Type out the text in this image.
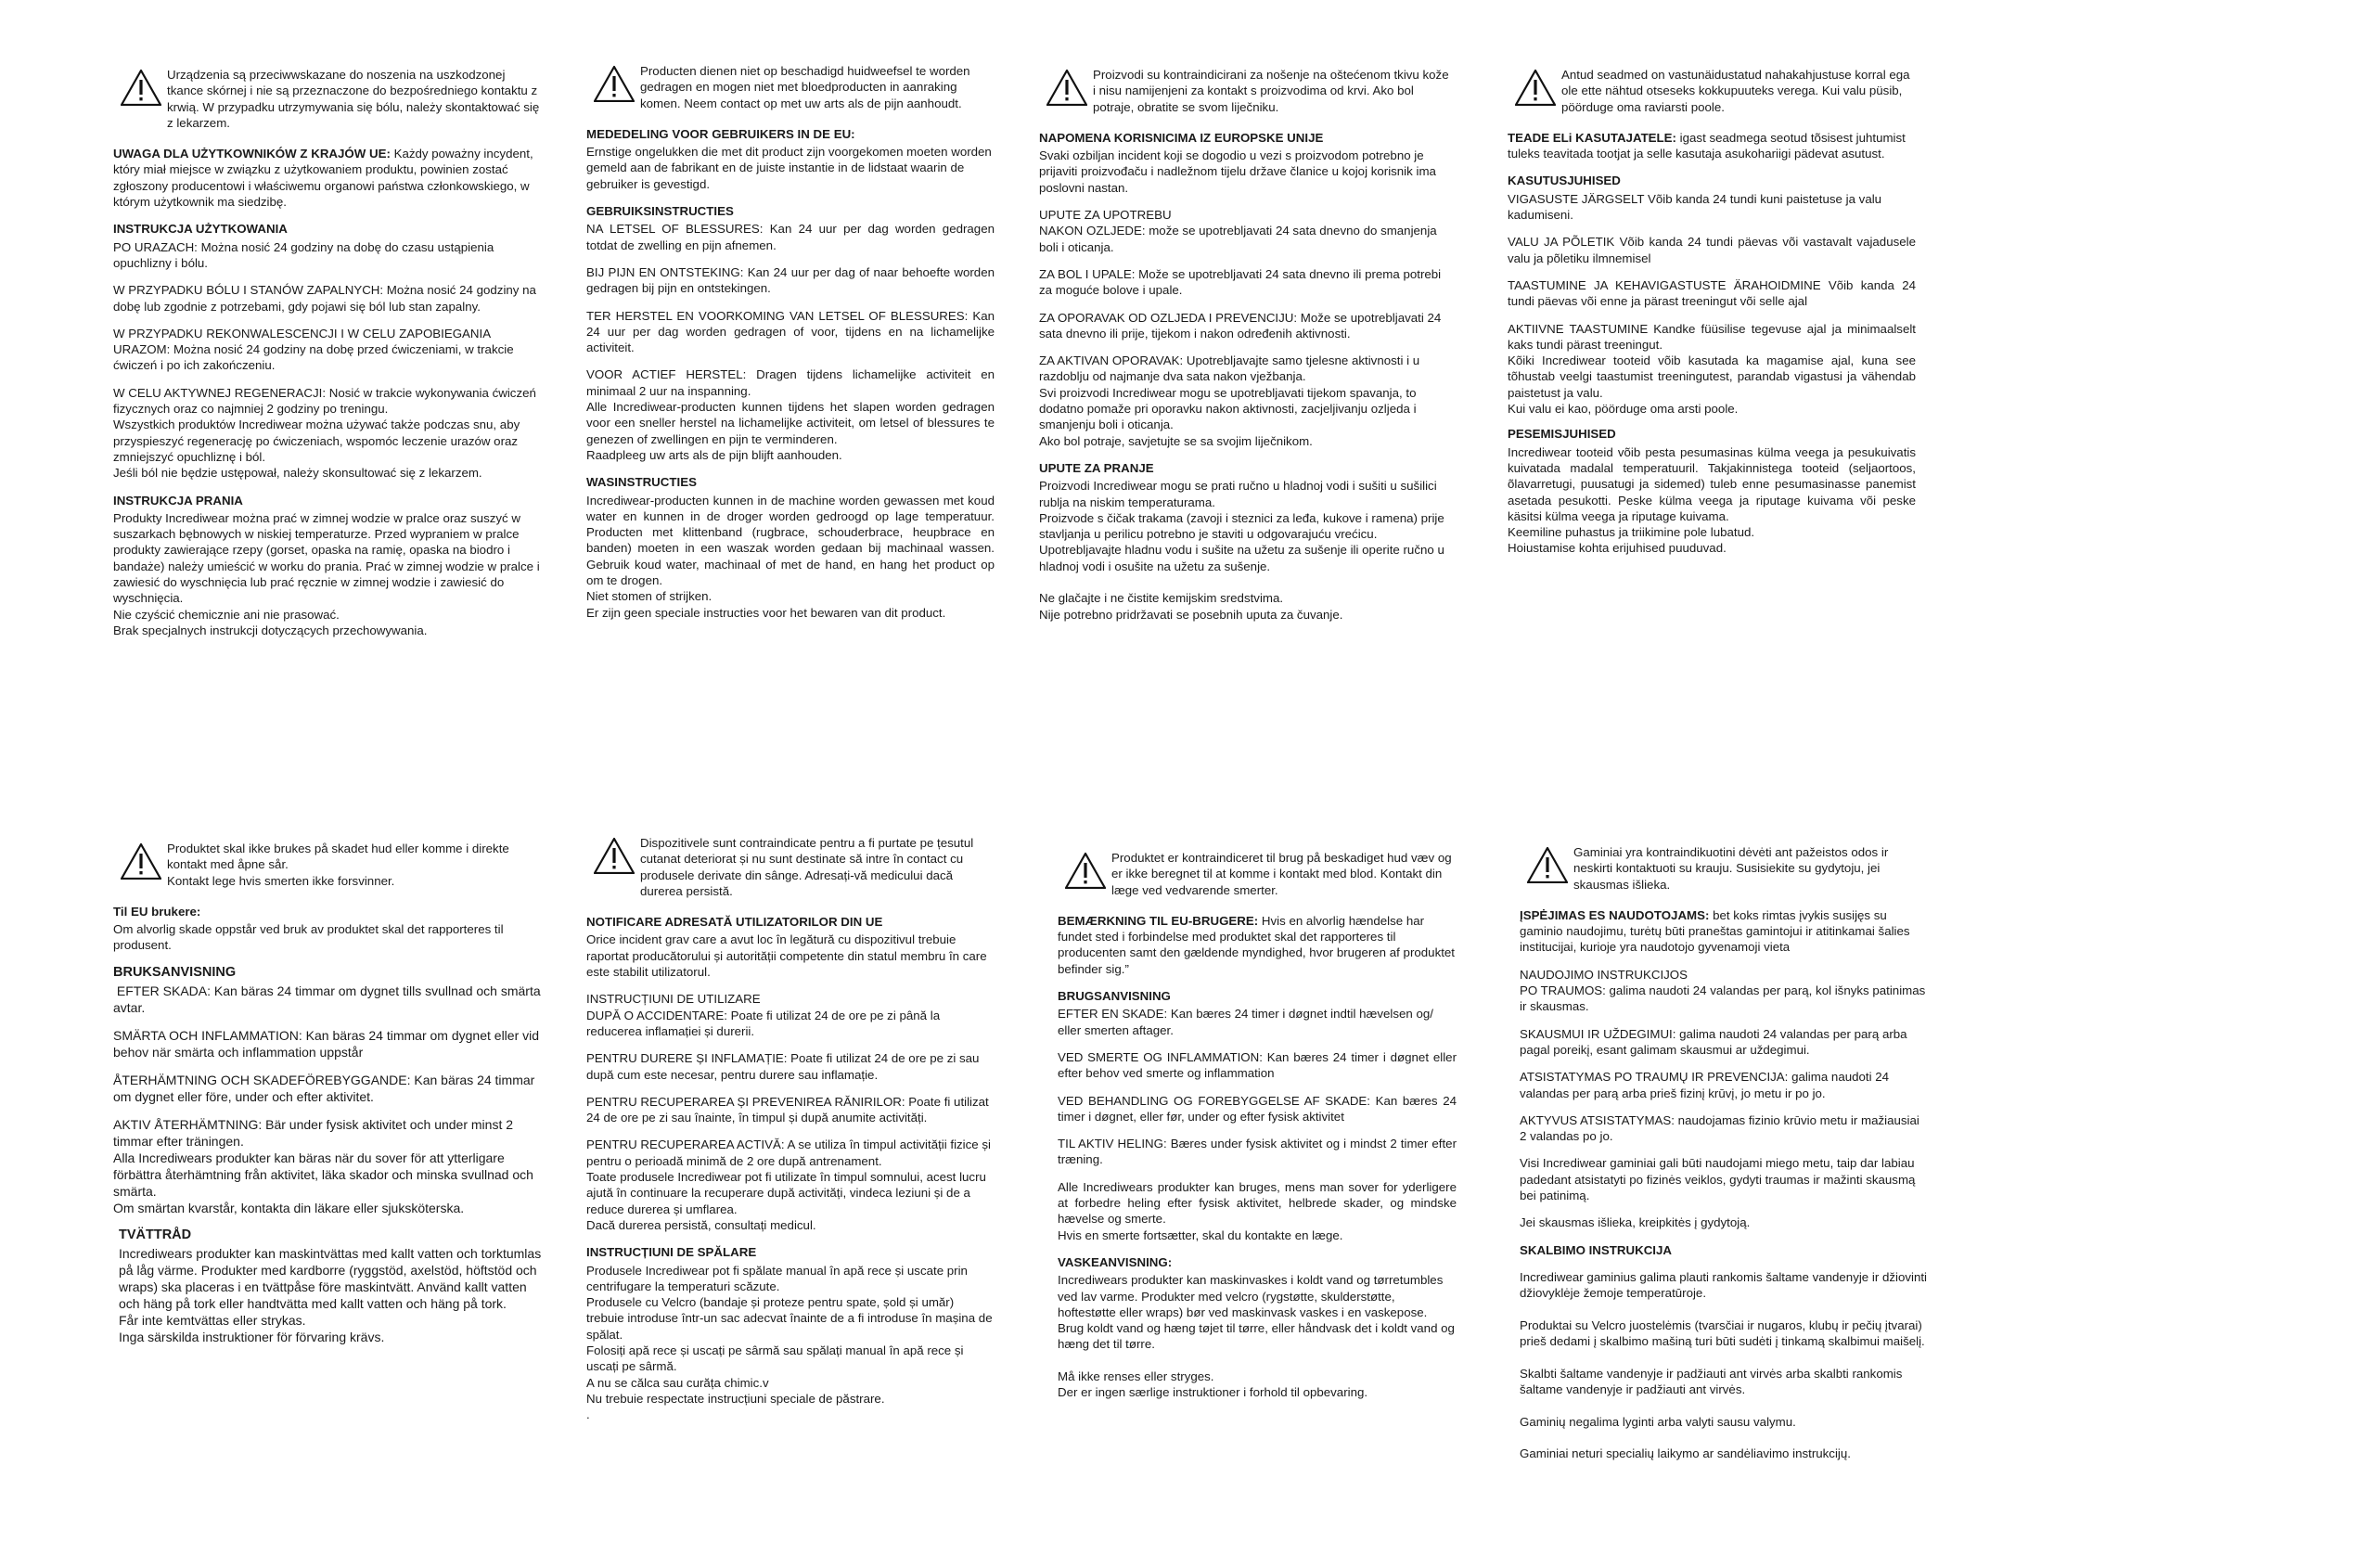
Urządzenia są przeciwwskazane do noszenia na uszkodzonej tkance skórnej i nie są przeznaczone do bezpośredniego kontaktu z krwią. W przypadku utrzymywania się bólu, należy skontaktować się z lekarzem.

UWAGA DLA UŻYTKOWNIKÓW Z KRAJÓW UE: Każdy poważny incydent, który miał miejsce w związku z użytkowaniem produktu, powinien zostać zgłoszony producentowi i właściwemu organowi państwa członkowskiego, w którym użytkownik ma siedzibę.

INSTRUKCJA UŻYTKOWANIA

PO URAZACH: Można nosić 24 godziny na dobę do czasu ustąpienia opuchlizny i bólu.

W PRZYPADKU BÓLU I STANÓW ZAPALNYCH: Można nosić 24 godziny na dobę lub zgodnie z potrzebami, gdy pojawi się ból lub stan zapalny.

W PRZYPADKU REKONWALESCENCJI I W CELU ZAPOBIEGANIA URAZOM: Można nosić 24 godziny na dobę przed ćwiczeniami, w trakcie ćwiczeń i po ich zakończeniu.

W CELU AKTYWNEJ REGENERACJI: Nosić w trakcie wykonywania ćwiczeń fizycznych oraz co najmniej 2 godziny po treningu.
Wszystkich produktów Incrediwear można używać także podczas snu, aby przyspieszyć regenerację po ćwiczeniach, wspomóc leczenie urazów oraz zmniejszyć opuchliznę i ból.
Jeśli ból nie będzie ustępował, należy skonsultować się z lekarzem.

INSTRUKCJA PRANIA

Produkty Incrediwear można prać w zimnej wodzie w pralce oraz suszyć w suszarkach bębnowych w niskiej temperaturze. Przed wypraniem w pralce produkty zawierające rzepy (gorset, opaska na ramię, opaska na biodro i bandaże) należy umieścić w worku do prania. Prać w zimnej wodzie w pralce i zawiesić do wyschnięcia lub prać ręcznie w zimnej wodzie i zawiesić do wyschnięcia.
Nie czyścić chemicznie ani nie prasować.
Brak specjalnych instrukcji dotyczących przechowywania.

Producten dienen niet op beschadigd huidweefsel te worden gedragen en mogen niet met bloedproducten in aanraking komen. Neem contact op met uw arts als de pijn aanhoudt.

MEDEDELING VOOR GEBRUIKERS IN DE EU:

Ernstige ongelukken die met dit product zijn voorgekomen moeten worden gemeld aan de fabrikant en de juiste instantie in de lidstaat waarin de gebruiker is gevestigd.

GEBRUIKSINSTRUCTIES

NA LETSEL OF BLESSURES: Kan 24 uur per dag worden gedragen totdat de zwelling en pijn afnemen.

BIJ PIJN EN ONTSTEKING: Kan 24 uur per dag of naar behoefte worden gedragen bij pijn en ontstekingen.

TER HERSTEL EN VOORKOMING VAN LETSEL OF BLESSURES: Kan 24 uur per dag worden gedragen of voor, tijdens en na lichamelijke activiteit.

VOOR ACTIEF HERSTEL: Dragen tijdens lichamelijke activiteit en minimaal 2 uur na inspanning.
Alle Incrediwear-producten kunnen tijdens het slapen worden gedragen voor een sneller herstel na lichamelijke activiteit, om letsel of blessures te genezen of zwellingen en pijn te verminderen.
Raadpleeg uw arts als de pijn blijft aanhouden.

WASINSTRUCTIES

Incrediwear-producten kunnen in de machine worden gewassen met koud water en kunnen in de droger worden gedroogd op lage temperatuur. Producten met klittenband (rugbrace, schouderbrace, heupbrace en banden) moeten in een waszak worden gedaan bij machinaal wassen. Gebruik koud water, machinaal of met de hand, en hang het product op om te drogen.
Niet stomen of strijken.
Er zijn geen speciale instructies voor het bewaren van dit product.

Proizvodi su kontraindicirani za nošenje na oštećenom tkivu kože i nisu namijenjeni za kontakt s proizvodima od krvi. Ako bol potraje, obratite se svom liječniku.

NAPOMENA KORISNICIMA IZ EUROPSKE UNIJE

Svaki ozbiljan incident koji se dogodio u vezi s proizvodom potrebno je prijaviti proizvođaču i nadležnom tijelu države članice u kojoj korisnik ima poslovni nastan.

UPUTE ZA UPOTREBU

NAKON OZLJEDE: može se upotrebljavati 24 sata dnevno do smanjenja boli i oticanja.

ZA BOL I UPALE: Može se upotrebljavati 24 sata dnevno ili prema potrebi za moguće bolove i upale.

ZA OPORAVAK OD OZLJEDA I PREVENCIJU: Može se upotrebljavati 24 sata dnevno ili prije, tijekom i nakon određenih aktivnosti.

ZA AKTIVAN OPORAVAK: Upotrebljavajte samo tjelesne aktivnosti i u razdoblju od najmanje dva sata nakon vježbanja.
Svi proizvodi Incrediwear mogu se upotrebljavati tijekom spavanja, to dodatno pomaže pri oporavku nakon aktivnosti, zacjeljivanju ozljeda i smanjenju boli i oticanja.
Ako bol potraje, savjetujte se sa svojim liječnikom.

UPUTE ZA PRANJE

Proizvodi Incrediwear mogu se prati ručno u hladnoj vodi i sušiti u sušilici rublja na niskim temperaturama.
Proizvode s čičak trakama (zavoji i steznici za leđa, kukove i ramena) prije stavljanja u perilicu potrebno je staviti u odgovarajuću vrećicu.
Upotrebljavajte hladnu vodu i sušite na užetu za sušenje ili operite ručno u hladnoj vodi i osušite na užetu za sušenje.

Ne glačajte i ne čistite kemijskim sredstvima.
Nije potrebno pridržavati se posebnih uputa za čuvanje.

Antud seadmed on vastunäidustatud nahakahjustuse korral ega ole ette nähtud otseseks kokkupuuteks verega. Kui valu püsib, pöörduge oma raviarsti poole.

TEADE ELi KASUTAJATELE: igast seadmega seotud tõsisest juhtumist tuleks teavitada tootjat ja selle kasutaja asukohariigi pädevat asutust.

KASUTUSJUHISED

VIGASUSTE JÄRGSELT Võib kanda 24 tundi kuni paistetuse ja valu kadumiseni.

VALU JA PÕLETIK Võib kanda 24 tundi päevas või vastavalt vajadusele valu ja põletiku ilmnemisel

TAASTUMINE JA KEHAVIGASTUSTE ÄRAHOIDMINE Võib kanda 24 tundi päevas või enne ja pärast treeningut või selle ajal

AKTIIVNE TAASTUMINE Kandke füüsilise tegevuse ajal ja minimaalselt kaks tundi pärast treeningut.
Kõiki Incrediwear tooteid võib kasutada ka magamise ajal, kuna see tõhustab veelgi taastumist treeningutest, parandab vigastusi ja vähendab paistetust ja valu.
Kui valu ei kao, pöörduge oma arsti poole.

PESEMISJUHISED

Incrediwear tooteid võib pesta pesumasinas külma veega ja pesukuivatis kuivatada madalal temperatuuril. Takjakinnistega tooteid (seljaortoos, õlavarretugi, puusatugi ja sidemed) tuleb enne pesumasinasse panemist asetada pesukotti. Peske külma veega ja riputage kuivama või peske käsitsi külma veega ja riputage kuivama.
Keemiline puhastus ja triikimine pole lubatud.
Hoiustamise kohta erijuhised puuduvad.

Produktet skal ikke brukes på skadet hud eller komme i direkte kontakt med åpne sår.
Kontakt lege hvis smerten ikke forsvinner.

Til EU brukere:

Om alvorlig skade oppstår ved bruk av produktet skal det rapporteres til produsent.

BRUKSANVISNING

EFTER SKADA: Kan bäras 24 timmar om dygnet tills svullnad och smärta avtar.

SMÄRTA OCH INFLAMMATION: Kan bäras 24 timmar om dygnet eller vid behov när smärta och inflammation uppstår

ÅTERHÄMTNING OCH SKADEFÖREBYGGANDE: Kan bäras 24 timmar om dygnet eller före, under och efter aktivitet.

AKTIV ÅTERHÄMTNING: Bär under fysisk aktivitet och under minst 2 timmar efter träningen.
Alla Incrediwears produkter kan bäras när du sover för att ytterligare förbättra återhämtning från aktivitet, läka skador och minska svullnad och smärta.
Om smärtan kvarstår, kontakta din läkare eller sjuksköterska.

TVÄTTRÅD

Incrediwears produkter kan maskintvättas med kallt vatten och torktumlas på låg värme. Produkter med kardborre (ryggstöd, axelstöd, höftstöd och wraps) ska placeras i en tvättpåse före maskintvätt. Använd kallt vatten och häng på tork eller handtvätta med kallt vatten och häng på tork.
Får inte kemtvättas eller strykas.
Inga särskilda instruktioner för förvaring krävs.

Dispozitivele sunt contraindicate pentru a fi purtate pe țesutul cutanat deteriorat și nu sunt destinate să intre în contact cu produsele derivate din sânge. Adresați-vă medicului dacă durerea persistă.

NOTIFICARE ADRESATĂ UTILIZATORILOR DIN UE

Orice incident grav care a avut loc în legătură cu dispozitivul trebuie raportat producătorului și autorității competente din statul membru în care este stabilit utilizatorul.

INSTRUCȚIUNI DE UTILIZARE

DUPĂ O ACCIDENTARE: Poate fi utilizat 24 de ore pe zi până la reducerea inflamației și durerii.

PENTRU DURERE ȘI INFLAMAȚIE: Poate fi utilizat 24 de ore pe zi sau după cum este necesar, pentru durere sau inflamație.

PENTRU RECUPERAREA ȘI PREVENIREA RĂNIRILOR: Poate fi utilizat 24 de ore pe zi sau înainte, în timpul și după anumite activități.

PENTRU RECUPERAREA ACTIVĂ: A se utiliza în timpul activității fizice și pentru o perioadă minimă de 2 ore după antrenament.
Toate produsele Incrediwear pot fi utilizate în timpul somnului, acest lucru ajută în continuare la recuperare după activități, vindeca leziuni și de a reduce durerea și umflarea.
Dacă durerea persistă, consultați medicul.

INSTRUCȚIUNI DE SPĂLARE

Produsele Incrediwear pot fi spălate manual în apă rece și uscate prin centrifugare la temperaturi scăzute.
Produsele cu Velcro (bandaje și proteze pentru spate, șold și umăr) trebuie introduse într-un sac adecvat înainte de a fi introduse în mașina de spălat.
Folosiți apă rece și uscați pe sârmă sau spălați manual în apă rece și uscați pe sârmă.
A nu se călca sau curăța chimic.v
Nu trebuie respectate instrucțiuni speciale de păstrare.
.

Produktet er kontraindiceret til brug på beskadiget hud væv og er ikke beregnet til at komme i kontakt med blod. Kontakt din læge ved vedvarende smerter.

BEMÆRKNING TIL EU-BRUGERE: Hvis en alvorlig hændelse har fundet sted i forbindelse med produktet skal det rapporteres til producenten samt den gældende myndighed, hvor brugeren af produktet befinder sig.”

BRUGSANVISNING

EFTER EN SKADE: Kan bæres 24 timer i døgnet indtil hævelsen og/ eller smerten aftager.

VED SMERTE OG INFLAMMATION: Kan bæres 24 timer i døgnet eller efter behov ved smerte og inflammation

VED BEHANDLING OG FOREBYGGELSE AF SKADE: Kan bæres 24 timer i døgnet, eller før, under og efter fysisk aktivitet

TIL AKTIV HELING: Bæres under fysisk aktivitet og i mindst 2 timer efter træning.

Alle Incrediwears produkter kan bruges, mens man sover for yderligere at forbedre heling efter fysisk aktivitet, helbrede skader, og mindske hævelse og smerte.
Hvis en smerte fortsætter, skal du kontakte en læge.

VASKEANVISNING:

Incrediwears produkter kan maskinvaskes i koldt vand og tørretumbles ved lav varme. Produkter med velcro (rygstøtte, skulderstøtte, hoftestøtte eller wraps) bør ved maskinvask vaskes i en vaskepose. Brug koldt vand og hæng tøjet til tørre, eller håndvask det i koldt vand og hæng det til tørre.

Må ikke renses eller stryges.
Der er ingen særlige instruktioner i forhold til opbevaring.

Gaminiai yra kontraindikuotini dėvėti ant pažeistos odos ir neskirti kontaktuoti su krauju. Susisiekite su gydytoju, jei skausmas išlieka.

ĮSPĖJIMAS ES NAUDOTOJAMS: bet koks rimtas įvykis susijęs su gaminio naudojimu, turėtų būti praneštas gamintojui ir atitinkamai šalies institucijai, kurioje yra naudotojo gyvenamoji vieta

NAUDOJIMO INSTRUKCIJOS

PO TRAUMOS: galima naudoti 24 valandas per parą, kol išnyks patinimas ir skausmas.

SKAUSMUI IR UŽDEGIMUI: galima naudoti 24 valandas per parą arba pagal poreikį, esant galimam skausmui ar uždegimui.

ATSISTATYMAS PO TRAUMŲ IR PREVENCIJA: galima naudoti 24 valandas per parą arba prieš fizinį krūvį, jo metu ir po jo.

AKTYVUS ATSISTATYMAS: naudojamas fizinio krūvio metu ir mažiausiai 2 valandas po jo.

Visi Incrediwear gaminiai gali būti naudojami miego metu, taip dar labiau padedant atsistatyti po fizinės veiklos, gydyti traumas ir mažinti skausmą bei patinimą.

Jei skausmas išlieka, kreipkitės į gydytoją.

SKALBIMO INSTRUKCIJA

Incrediwear gaminius galima plauti rankomis šaltame vandenyje ir džiovinti džiovyklėje žemoje temperatūroje.

Produktai su Velcro juostelėmis (tvarsčiai ir nugaros, klubų ir pečių įtvarai) prieš dedami į skalbimo mašiną turi būti sudėti į tinkamą skalbimui maišelį.

Skalbti šaltame vandenyje ir padžiauti ant virvės arba skalbti rankomis šaltame vandenyje ir padžiauti ant virvės.

Gaminių negalima lyginti arba valyti sausu valymu.

Gaminiai neturi specialių laikymo ar sandėliavimo instrukcijų.
